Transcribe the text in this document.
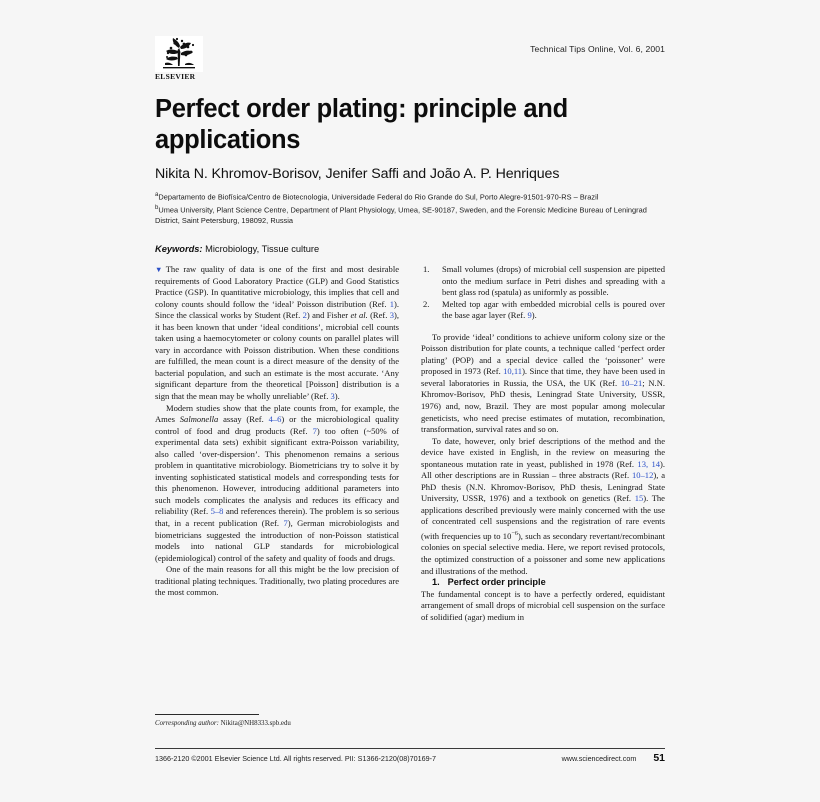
ELSEVIER
Technical Tips Online, Vol. 6, 2001
Perfect order plating: principle and applications
Nikita N. Khromov-Borisov, Jenifer Saffi and João A. P. Henriques
$^a$Departamento de Biofísica/Centro de Biotecnologia, Universidade Federal do Rio Grande do Sul, Porto Alegre-91501-970-RS – Brazil
$^b$Umea University, Plant Science Centre, Department of Plant Physiology, Umea, SE-90187, Sweden, and the Forensic Medicine Bureau of Leningrad District, Saint Petersburg, 198092, Russia
Keywords: Microbiology, Tissue culture

▼The raw quality of data is one of the first and most desirable requirements of Good Laboratory Practice (GLP) and Good Statistics Practice (GSP). In quantitative microbiology, this implies that cell and colony counts should follow the ‘ideal’ Poisson distribution (Ref. 1). Since the classical works by Student (Ref. 2) and Fisher et al. (Ref. 3), it has been known that under ‘ideal conditions’, microbial cell counts taken using a haemocytometer or colony counts on parallel plates will vary in accordance with Poisson distribution. When these conditions are fulfilled, the mean count is a direct measure of the density of the bacterial population, and such an estimate is the most accurate. ‘Any significant departure from the theoretical [Poisson] distribution is a sign that the mean may be wholly unreliable’ (Ref. 3).

Modern studies show that the plate counts from, for example, the Ames Salmonella assay (Ref. 4–6) or the microbiological quality control of food and drug products (Ref. 7) too often (~50% of experimental data sets) exhibit significant extra-Poisson variability, also called ‘over-dispersion’. This phenomenon remains a serious problem in quantitative microbiology. Biometricians try to solve it by inventing sophisticated statistical models and corresponding tests for this phenomenon. However, introducing additional parameters into such models complicates the analysis and reduces its efficacy and reliability (Ref. 5–8 and references therein). The problem is so serious that, in a recent publication (Ref. 7), German microbiologists and biometricians suggested the introduction of non-Poisson statistical models into national GLP standards for microbiological (epidemiological) control of the safety and quality of foods and drugs.

One of the main reasons for all this might be the low precision of traditional plating techniques. Traditionally, two plating procedures are the most common.

1. Small volumes (drops) of microbial cell suspension are pipetted onto the medium surface in Petri dishes and spreading with a bent glass rod (spatula) as uniformly as possible.
2. Melted top agar with embedded microbial cells is poured over the base agar layer (Ref. 9).

To provide ‘ideal’ conditions to achieve uniform colony size or the Poisson distribution for plate counts, a technique called ‘perfect order plating’ (POP) and a special device called the ‘poissoner’ were proposed in 1973 (Ref. 10,11). Since that time, they have been used in several laboratories in Russia, the USA, the UK (Ref. 10–21; N.N. Khromov-Borisov, PhD thesis, Leningrad State University, USSR, 1976) and, now, Brazil. They are most popular among molecular geneticists, who need precise estimates of mutation, recombination, transformation, survival rates and so on.

To date, however, only brief descriptions of the method and the device have existed in English, in the review on measuring the spontaneous mutation rate in yeast, published in 1978 (Ref. 13, 14). All other descriptions are in Russian – three abstracts (Ref. 10–12), a PhD thesis (N.N. Khromov-Borisov, PhD thesis, Leningrad State University, USSR, 1976) and a textbook on genetics (Ref. 15). The applications described previously were mainly concerned with the use of concentrated cell suspensions and the registration of rare events (with frequencies up to $10^{-6}$), such as secondary revertant/recombinant colonies on special selective media. Here, we report revised protocols, the optimized construction of a poissoner and some new applications and illustrations of the method.

1. Perfect order principle

The fundamental concept is to have a perfectly ordered, equidistant arrangement of small drops of microbial cell suspension on the surface of solidified (agar) medium in

Corresponding author: Nikita@NH8333.spb.edu
1366-2120 ©2001 Elsevier Science Ltd. All rights reserved. PII: S1366-2120(08)70169-7	www.sciencedirect.com 51
